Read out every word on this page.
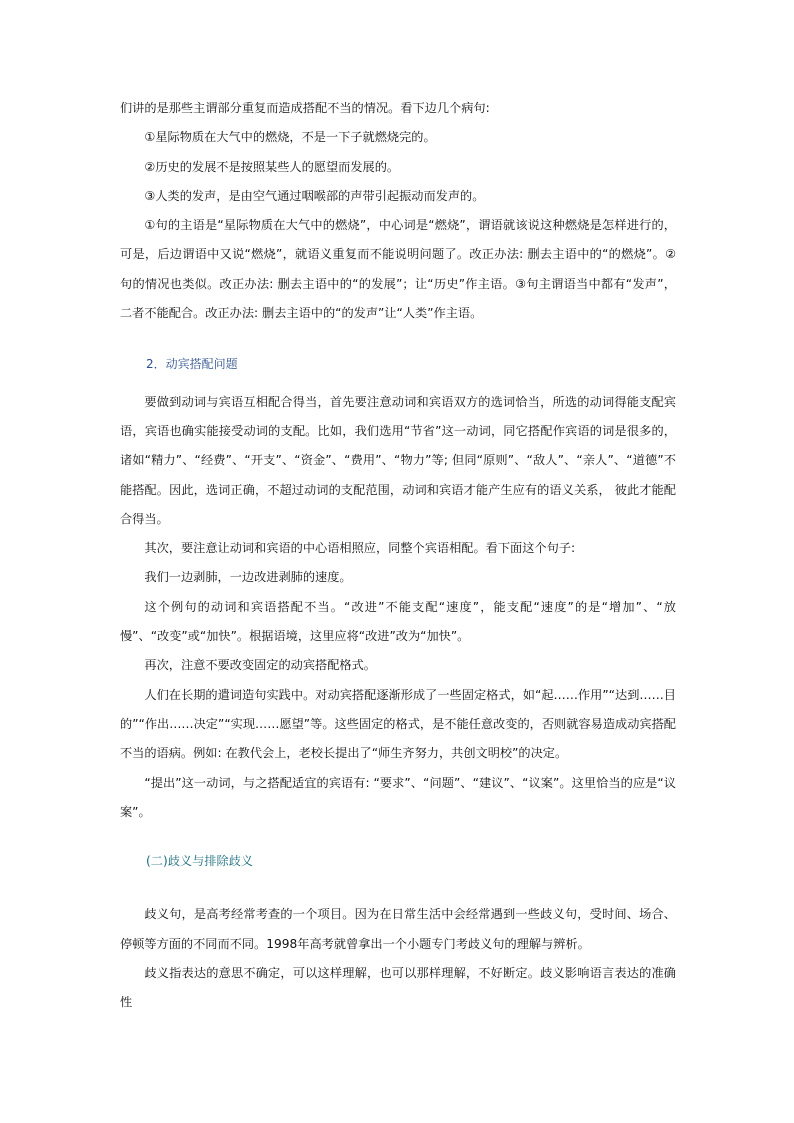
们讲的是那些主谓部分重复而造成搭配不当的情况。看下边几个病句:

①星际物质在大气中的燃烧，不是一下子就燃烧完的。

②历史的发展不是按照某些人的愿望而发展的。

③人类的发声，是由空气通过咽喉部的声带引起振动而发声的。

①句的主语是“星际物质在大气中的燃烧”，中心词是“燃烧”，谓语就该说这种燃烧是怎样进行的，可是，后边谓语中又说“燃烧”，就语义重复而不能说明问题了。改正办法: 删去主语中的“的燃烧”。②句的情况也类似。改正办法: 删去主语中的“的发展”；让“历史”作主语。③句主谓语当中都有“发声”，二者不能配合。改正办法: 删去主语中的“的发声”让“人类”作主语。

2．动宾搭配问题

要做到动词与宾语互相配合得当，首先要注意动词和宾语双方的选词恰当，所选的动词得能支配宾语，宾语也确实能接受动词的支配。比如，我们选用“节省”这一动词，同它搭配作宾语的词是很多的，诸如“精力”、“经费”、“开支”、“资金”、“费用”、“物力”等; 但同“原则”、“敌人”、“亲人”、“道德”不能搭配。因此，选词正确，不超过动词的支配范围，动词和宾语才能产生应有的语义关系， 彼此才能配合得当。

其次，要注意让动词和宾语的中心语相照应，同整个宾语相配。看下面这个句子:

我们一边剥肺，一边改进剥肺的速度。

这个例句的动词和宾语搭配不当。“改进”不能支配“速度”，能支配“速度”的是“增加”、“放慢”、“改变”或“加快”。根据语境，这里应将“改进”改为“加快”。

再次，注意不要改变固定的动宾搭配格式。

人们在长期的遣词造句实践中。对动宾搭配逐渐形成了一些固定格式，如“起……作用”“达到……目的”“作出……决定”“实现……愿望”等。这些固定的格式，是不能任意改变的，否则就容易造成动宾搭配不当的语病。例如: 在教代会上，老校长提出了“师生齐努力，共创文明校”的决定。

“提出”这一动词，与之搭配适宜的宾语有: “要求”、“问题”、“建议”、“议案”。这里恰当的应是“议案”。

(二)歧义与排除歧义

歧义句，是高考经常考查的一个项目。因为在日常生活中会经常遇到一些歧义句，受时间、场合、停顿等方面的不同而不同。1998年高考就曾拿出一个小题专门考歧义句的理解与辨析。

歧义指表达的意思不确定，可以这样理解，也可以那样理解，不好断定。歧义影响语言表达的准确性
